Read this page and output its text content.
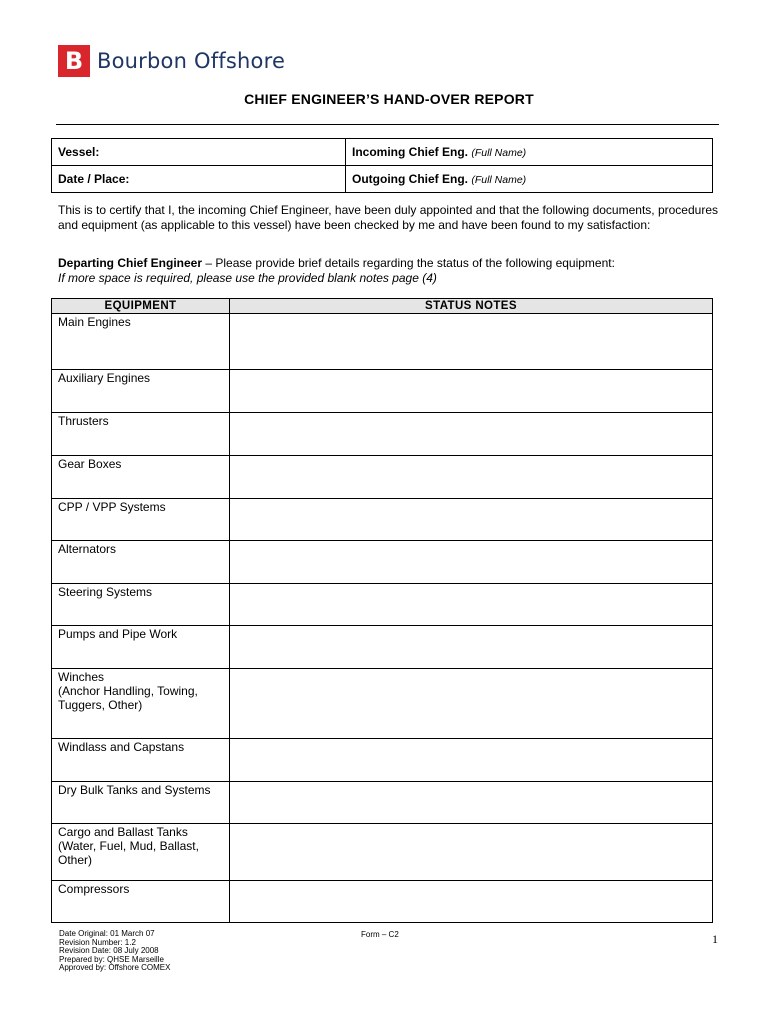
B Bourbon Offshore
CHIEF ENGINEER’S HAND-OVER REPORT
Vessel:	Incoming Chief Eng. (Full Name)
Date / Place:	Outgoing Chief Eng. (Full Name)
This is to certify that I, the incoming Chief Engineer, have been duly appointed and that the following documents, procedures and equipment (as applicable to this vessel) have been checked by me and have been found to my satisfaction:
Departing Chief Engineer – Please provide brief details regarding the status of the following equipment:
If more space is required, please use the provided blank notes page (4)
EQUIPMENT	STATUS NOTES
Main Engines	
Auxiliary Engines	
Thrusters	
Gear Boxes	
CPP / VPP Systems	
Alternators	
Steering Systems	
Pumps and Pipe Work	
Winches
(Anchor Handling, Towing, Tuggers, Other)	
Windlass and Capstans	
Dry Bulk Tanks and Systems	
Cargo and Ballast Tanks (Water, Fuel, Mud, Ballast, Other)	
Compressors	
Date Original: 01 March 07
Revision Number: 1.2
Revision Date: 08 July 2008
Prepared by: QHSE Marseille
Approved by: Offshore COMEX
Form – C2	1
